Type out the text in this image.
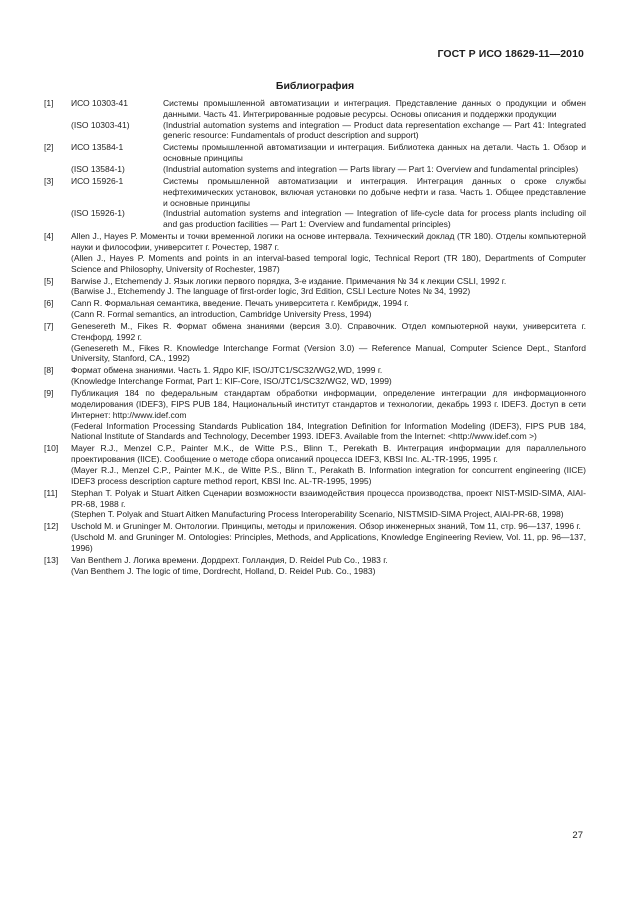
ГОСТ Р ИСО 18629-11—2010
Библиография
[1]	ИСО 10303-41	Системы промышленной автоматизации и интеграция. Представление данных о продукции и обмен данными. Часть 41. Интегрированные родовые ресурсы. Основы описания и поддержки продукции
(ISO 10303-41)	(Industrial automation systems and integration — Product data representation exchange — Part 41: Integrated generic resource: Fundamentals of product description and support)
[2]	ИСО 13584-1	Системы промышленной автоматизации и интеграция. Библиотека данных на детали. Часть 1. Обзор и основные принципы
(ISO 13584-1)	(Industrial automation systems and integration — Parts library — Part 1: Overview and fundamental principles)
[3]	ИСО 15926-1	Системы промышленной автоматизации и интеграция. Интеграция данных о сроке службы нефтехимических установок, включая установки по добыче нефти и газа. Часть 1. Общее представление и основные принципы
(ISO 15926-1)	(Industrial automation systems and integration — Integration of life-cycle data for process plants including oil and gas production facilities — Part 1: Overview and fundamental principles)
[4]	Allen J., Hayes P. Моменты и точки временной логики на основе интервала. Технический доклад (TR 180). Отделы компьютерной науки и философии, университет г. Рочестер, 1987 г.
(Allen J., Hayes P. Moments and points in an interval-based temporal logic, Technical Report (TR 180), Departments of Computer Science and Philosophy, University of Rochester, 1987)
[5]	Barwise J., Etchemendy J. Язык логики первого порядка, 3-е издание. Примечания № 34 к лекции CSLI, 1992 г.
(Barwise J., Etchemendy J. The language of first-order logic, 3rd Edition, CSLI Lecture Notes № 34, 1992)
[6]	Cann R. Формальная семантика, введение. Печать университета г. Кембридж, 1994 г.
(Cann R. Formal semantics, an introduction, Cambridge University Press, 1994)
[7]	Genesereth M., Fikes R. Формат обмена знаниями (версия 3.0). Справочник. Отдел компьютерной науки, университета г. Стенфорд. 1992 г.
(Genesereth M., Fikes R. Knowledge Interchange Format (Version 3.0) — Reference Manual, Computer Science Dept., Stanford University, Stanford, CA., 1992)
[8]	Формат обмена знаниями. Часть 1. Ядро KIF, ISO/JTC1/SC32/WG2,WD, 1999 г.
(Knowledge Interchange Format, Part 1: KIF-Core, ISO/JTC1/SC32/WG2, WD, 1999)
[9]	Публикация 184 по федеральным стандартам обработки информации, определение интеграции для информационного моделирования (IDEF3), FIPS PUB 184, Национальный институт стандартов и технологии, декабрь 1993 г. IDEF3. Доступ в сети Интернет: http://www.idef.com
(Federal Information Processing Standards Publication 184, Integration Definition for Information Modeling (IDEF3), FIPS PUB 184, National Institute of Standards and Technology, December 1993. IDEF3. Available from the Internet: <http://www.idef.com >)
[10]	Mayer R.J., Menzel C.P., Painter M.K., de Witte P.S., Blinn T., Perekath B. Интеграция информации для параллельного проектирования (IICE). Сообщение о методе сбора описаний процесса IDEF3, KBSI Inc. AL-TR-1995, 1995 г.
(Mayer R.J., Menzel C.P., Painter M.K., de Witte P.S., Blinn T., Perakath B. Information integration for concurrent engineering (IICE) IDEF3 process description capture method report, KBSI Inc. AL-TR-1995, 1995)
[11]	Stephan T. Polyak и Stuart Aitken Сценарии возможности взаимодействия процесса производства, проект NIST-MSID-SIMA, AIAI-PR-68, 1988 г.
(Stephen T. Polyak and Stuart Aitken Manufacturing Process Interoperability Scenario, NISTMSID-SIMA Project, AIAI-PR-68, 1998)
[12]	Uschold M. и Gruninger M. Онтологии. Принципы, методы и приложения. Обзор инженерных знаний, Том 11, стр. 96—137, 1996 г.
(Uschold M. and Gruninger M. Ontologies: Principles, Methods, and Applications, Knowledge Engineering Review, Vol. 11, pp. 96—137, 1996)
[13]	Van Benthem J. Логика времени. Дордрехт. Голландия, D. Reidel Pub Co., 1983 г.
(Van Benthem J. The logic of time, Dordrecht, Holland, D. Reidel Pub. Co., 1983)
27
